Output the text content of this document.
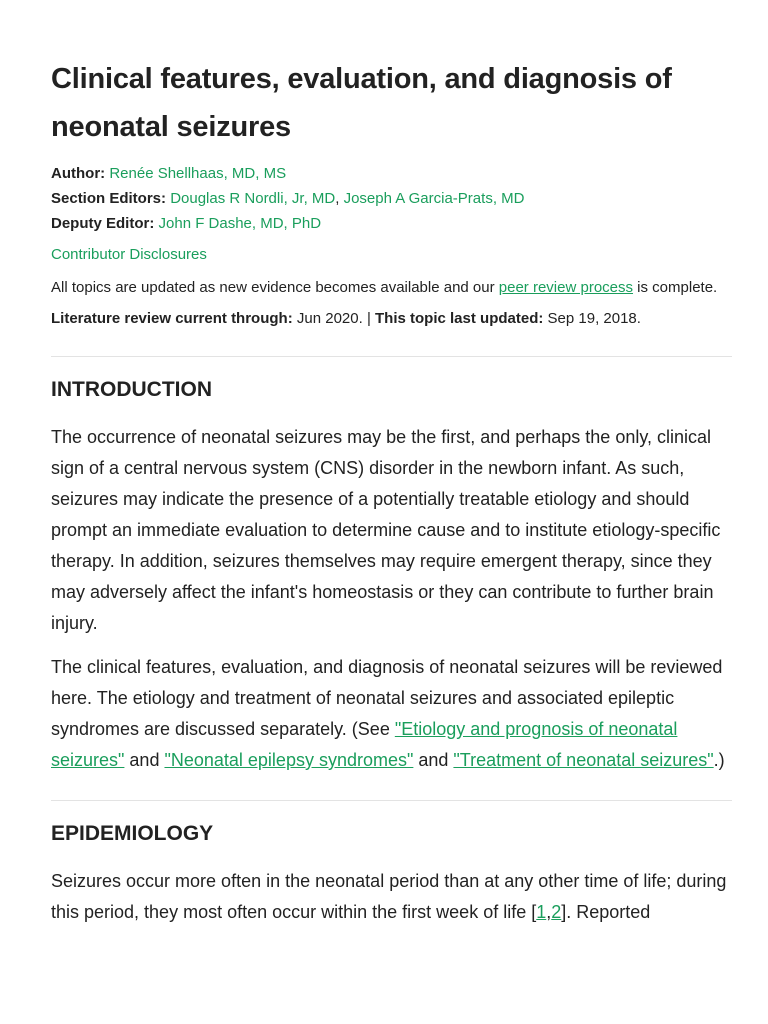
Clinical features, evaluation, and diagnosis of neonatal seizures
Author: Renée Shellhaas, MD, MS
Section Editors: Douglas R Nordli, Jr, MD, Joseph A Garcia-Prats, MD
Deputy Editor: John F Dashe, MD, PhD
Contributor Disclosures
All topics are updated as new evidence becomes available and our peer review process is complete.
Literature review current through: Jun 2020. | This topic last updated: Sep 19, 2018.
INTRODUCTION

The occurrence of neonatal seizures may be the first, and perhaps the only, clinical sign of a central nervous system (CNS) disorder in the newborn infant. As such, seizures may indicate the presence of a potentially treatable etiology and should prompt an immediate evaluation to determine cause and to institute etiology-specific therapy. In addition, seizures themselves may require emergent therapy, since they may adversely affect the infant's homeostasis or they can contribute to further brain injury.

The clinical features, evaluation, and diagnosis of neonatal seizures will be reviewed here. The etiology and treatment of neonatal seizures and associated epileptic syndromes are discussed separately. (See "Etiology and prognosis of neonatal seizures" and "Neonatal epilepsy syndromes" and "Treatment of neonatal seizures".)

EPIDEMIOLOGY

Seizures occur more often in the neonatal period than at any other time of life; during this period, they most often occur within the first week of life [1,2]. Reported
